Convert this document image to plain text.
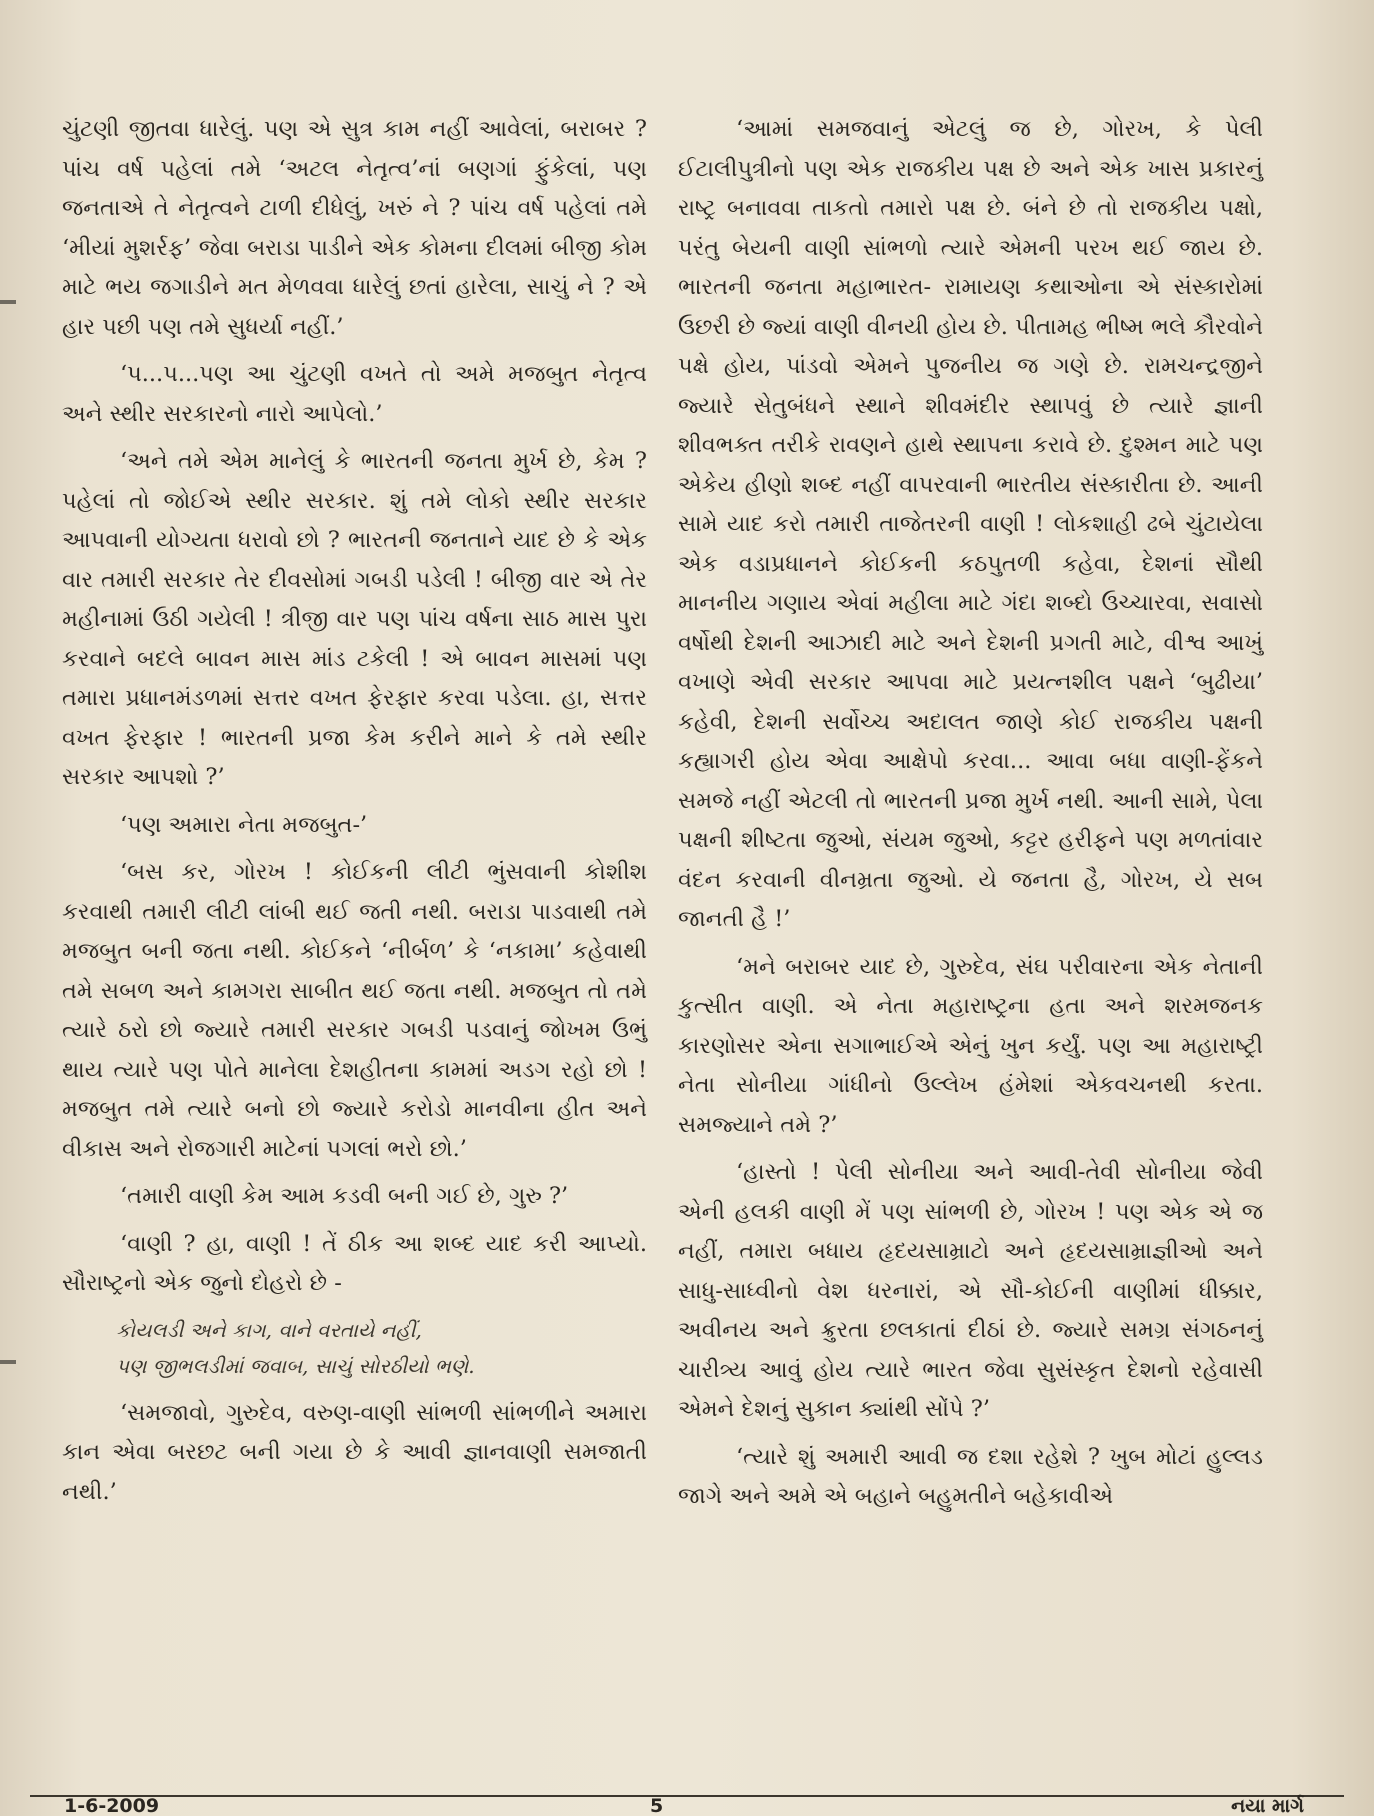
ચુંટણી જીતવા ધારેલું. પણ એ સુત્ર કામ નહીં આવેલાં, બરાબર ? પાંચ વર્ષ પહેલાં તમે ‘અટલ નેતૃત્વ’નાં બણગાં ફુંકેલાં, પણ જનતાએ તે નેતૃત્વને ટાળી દીધેલું, ખરું ને ? પાંચ વર્ષ પહેલાં તમે ‘મીયાં મુશર્રફ’ જેવા બરાડા પાડીને એક કોમના દીલમાં બીજી કોમ માટે ભય જગાડીને મત મેળવવા ધારેલું છતાં હારેલા, સાચું ને ? એ હાર પછી પણ તમે સુધર્યા નહીં.’

‘પ...પ...પણ આ ચુંટણી વખતે તો અમે મજબુત નેતૃત્વ અને સ્થીર સરકારનો નારો આપેલો.’

‘અને તમે એમ માનેલું કે ભારતની જનતા મુર્ખ છે, કેમ ? પહેલાં તો જોઈએ સ્થીર સરકાર. શું તમે લોકો સ્થીર સરકાર આપવાની યોગ્યતા ધરાવો છો ? ભારતની જનતાને યાદ છે કે એક વાર તમારી સરકાર તેર દીવસોમાં ગબડી પડેલી ! બીજી વાર એ તેર મહીનામાં ઉઠી ગયેલી ! ત્રીજી વાર પણ પાંચ વર્ષના સાઠ માસ પુરા કરવાને બદલે બાવન માસ માંડ ટકેલી ! એ બાવન માસમાં પણ તમારા પ્રધાનમંડળમાં સત્તર વખત ફેરફાર કરવા પડેલા. હા, સત્તર વખત ફેરફાર ! ભારતની પ્રજા કેમ કરીને માને કે તમે સ્થીર સરકાર આપશો ?’

‘પણ અમારા નેતા મજબુત-’

‘બસ કર, ગોરખ ! કોઈકની લીટી ભુંસવાની કોશીશ કરવાથી તમારી લીટી લાંબી થઈ જતી નથી. બરાડા પાડવાથી તમે મજબુત બની જતા નથી. કોઈકને ‘નીર્બળ’ કે ‘નકામા’ કહેવાથી તમે સબળ અને કામગરા સાબીત થઈ જતા નથી. મજબુત તો તમે ત્યારે ઠરો છો જ્યારે તમારી સરકાર ગબડી પડવાનું જોખમ ઉભું થાય ત્યારે પણ પોતે માનેલા દેશહીતના કામમાં અડગ રહો છો ! મજબુત તમે ત્યારે બનો છો જ્યારે કરોડો માનવીના હીત અને વીકાસ અને રોજગારી માટેનાં પગલાં ભરો છો.’

‘તમારી વાણી કેમ આમ કડવી બની ગઈ છે, ગુરુ ?’

‘વાણી ? હા, વાણી ! તેં ઠીક આ શબ્દ યાદ કરી આપ્યો. સૌરાષ્ટ્રનો એક જુનો દોહરો છે -

કોયલડી અને કાગ, વાને વરતાયે નહીં,
પણ જીભલડીમાં જવાબ, સાચું સોરઠીયો ભણે.

‘સમજાવો, ગુરુદેવ, વરુણ-વાણી સાંભળી સાંભળીને અમારા કાન એવા બરછટ બની ગયા છે કે આવી જ્ઞાનવાણી સમજાતી નથી.’

‘આમાં સમજવાનું એટલું જ છે, ગોરખ, કે પેલી ઈટાલીપુત્રીનો પણ એક રાજકીય પક્ષ છે અને એક ખાસ પ્રકારનું રાષ્ટ્ર બનાવવા તાકતો તમારો પક્ષ છે. બંને છે તો રાજકીય પક્ષો, પરંતુ બેયની વાણી સાંભળો ત્યારે એમની પરખ થઈ જાય છે. ભારતની જનતા મહાભારત- રામાયણ કથાઓના એ સંસ્કારોમાં ઉછરી છે જ્યાં વાણી વીનયી હોય છે. પીતામહ ભીષ્મ ભલે કૌરવોને પક્ષે હોય, પાંડવો એમને પુજનીય જ ગણે છે. રામચન્દ્રજીને જ્યારે સેતુબંધને સ્થાને શીવમંદીર સ્થાપવું છે ત્યારે જ્ઞાની શીવભક્ત તરીકે રાવણને હાથે સ્થાપના કરાવે છે. દુશ્મન માટે પણ એકેય હીણો શબ્દ નહીં વાપરવાની ભારતીય સંસ્કારીતા છે. આની સામે યાદ કરો તમારી તાજેતરની વાણી ! લોકશાહી ઢબે ચુંટાયેલા એક વડાપ્રધાનને કોઈકની કઠપુતળી કહેવા, દેશનાં સૌથી માનનીય ગણાય એવાં મહીલા માટે ગંદા શબ્દો ઉચ્ચારવા, સવાસો વર્ષોથી દેશની આઝાદી માટે અને દેશની પ્રગતી માટે, વીશ્વ આખું વખાણે એવી સરકાર આપવા માટે પ્રયત્નશીલ પક્ષને ‘બુઢીયા’ કહેવી, દેશની સર્વોચ્ચ અદાલત જાણે કોઈ રાજકીય પક્ષની કહ્યાગરી હોય એવા આક્ષેપો કરવા... આવા બધા વાણી-ફેંકને સમજે નહીં એટલી તો ભારતની પ્રજા મુર્ખ નથી. આની સામે, પેલા પક્ષની શીષ્ટતા જુઓ, સંયમ જુઓ, કટ્ટર હરીફને પણ મળતાંવાર વંદન કરવાની વીનમ્રતા જુઓ. યે જનતા હૈ, ગોરખ, યે સબ જાનતી હૈ !’

‘મને બરાબર યાદ છે, ગુરુદેવ, સંઘ પરીવારના એક નેતાની કુત્સીત વાણી. એ નેતા મહારાષ્ટ્રના હતા અને શરમજનક કારણોસર એના સગાભાઈએ એનું ખુન કર્યું. પણ આ મહારાષ્ટ્રી નેતા સોનીયા ગાંધીનો ઉલ્લેખ હંમેશાં એકવચનથી કરતા. સમજ્યાને તમે ?’

‘હાસ્તો ! પેલી સોનીયા અને આવી-તેવી સોનીયા જેવી એની હલકી વાણી મેં પણ સાંભળી છે, ગોરખ ! પણ એક એ જ નહીં, તમારા બધાય હૃદયસામ્રાટો અને હૃદયસામ્રાજ્ઞીઓ અને સાધુ-સાધ્વીનો વેશ ધરનારાં, એ સૌ-કોઈની વાણીમાં ધીક્કાર, અવીનય અને ક્રુરતા છલકાતાં દીઠાં છે. જ્યારે સમગ્ર સંગઠનનું ચારીત્ર્ય આવું હોય ત્યારે ભારત જેવા સુસંસ્કૃત દેશનો રહેવાસી એમને દેશનું સુકાન ક્યાંથી સોંપે ?’

‘ત્યારે શું અમારી આવી જ દશા રહેશે ? ખુબ મોટાં હુલ્લડ જાગે અને અમે એ બહાને બહુમતીને બહેકાવીએ

1-6-2009	5	નયા માર્ગ
